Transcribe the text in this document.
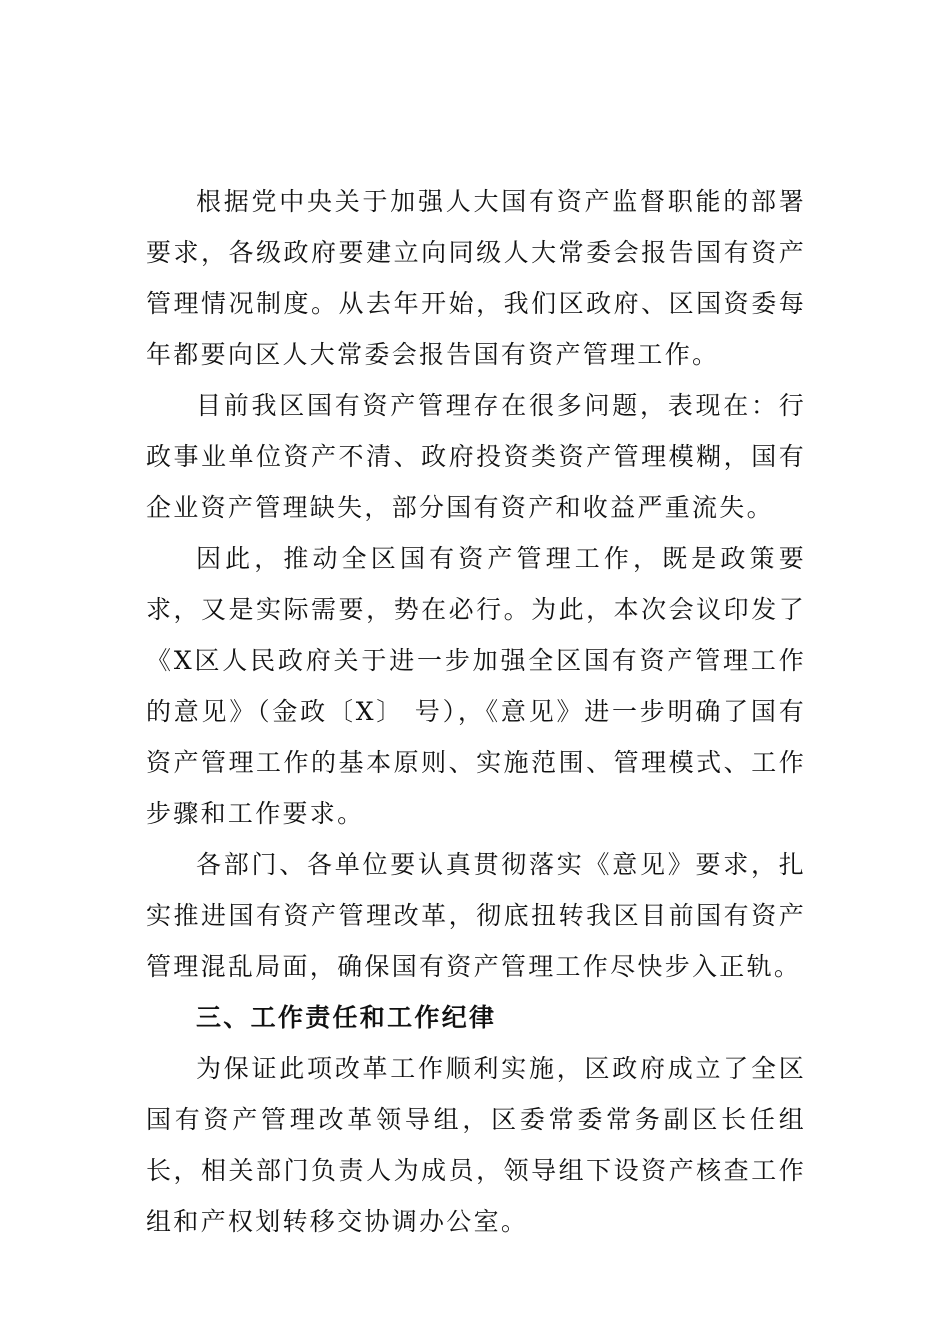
根据党中央关于加强人大国有资产监督职能的部署要求，各级政府要建立向同级人大常委会报告国有资产管理情况制度。从去年开始，我们区政府、区国资委每年都要向区人大常委会报告国有资产管理工作。

目前我区国有资产管理存在很多问题，表现在：行政事业单位资产不清、政府投资类资产管理模糊，国有企业资产管理缺失，部分国有资产和收益严重流失。

因此，推动全区国有资产管理工作，既是政策要求，又是实际需要，势在必行。为此，本次会议印发了《X区人民政府关于进一步加强全区国有资产管理工作的意见》（金政〔X〕 号），《意见》进一步明确了国有资产管理工作的基本原则、实施范围、管理模式、工作步骤和工作要求。

各部门、各单位要认真贯彻落实《意见》要求，扎实推进国有资产管理改革，彻底扭转我区目前国有资产管理混乱局面，确保国有资产管理工作尽快步入正轨。

三、工作责任和工作纪律

为保证此项改革工作顺利实施，区政府成立了全区国有资产管理改革领导组，区委常委常务副区长任组长，相关部门负责人为成员，领导组下设资产核查工作组和产权划转移交协调办公室。
